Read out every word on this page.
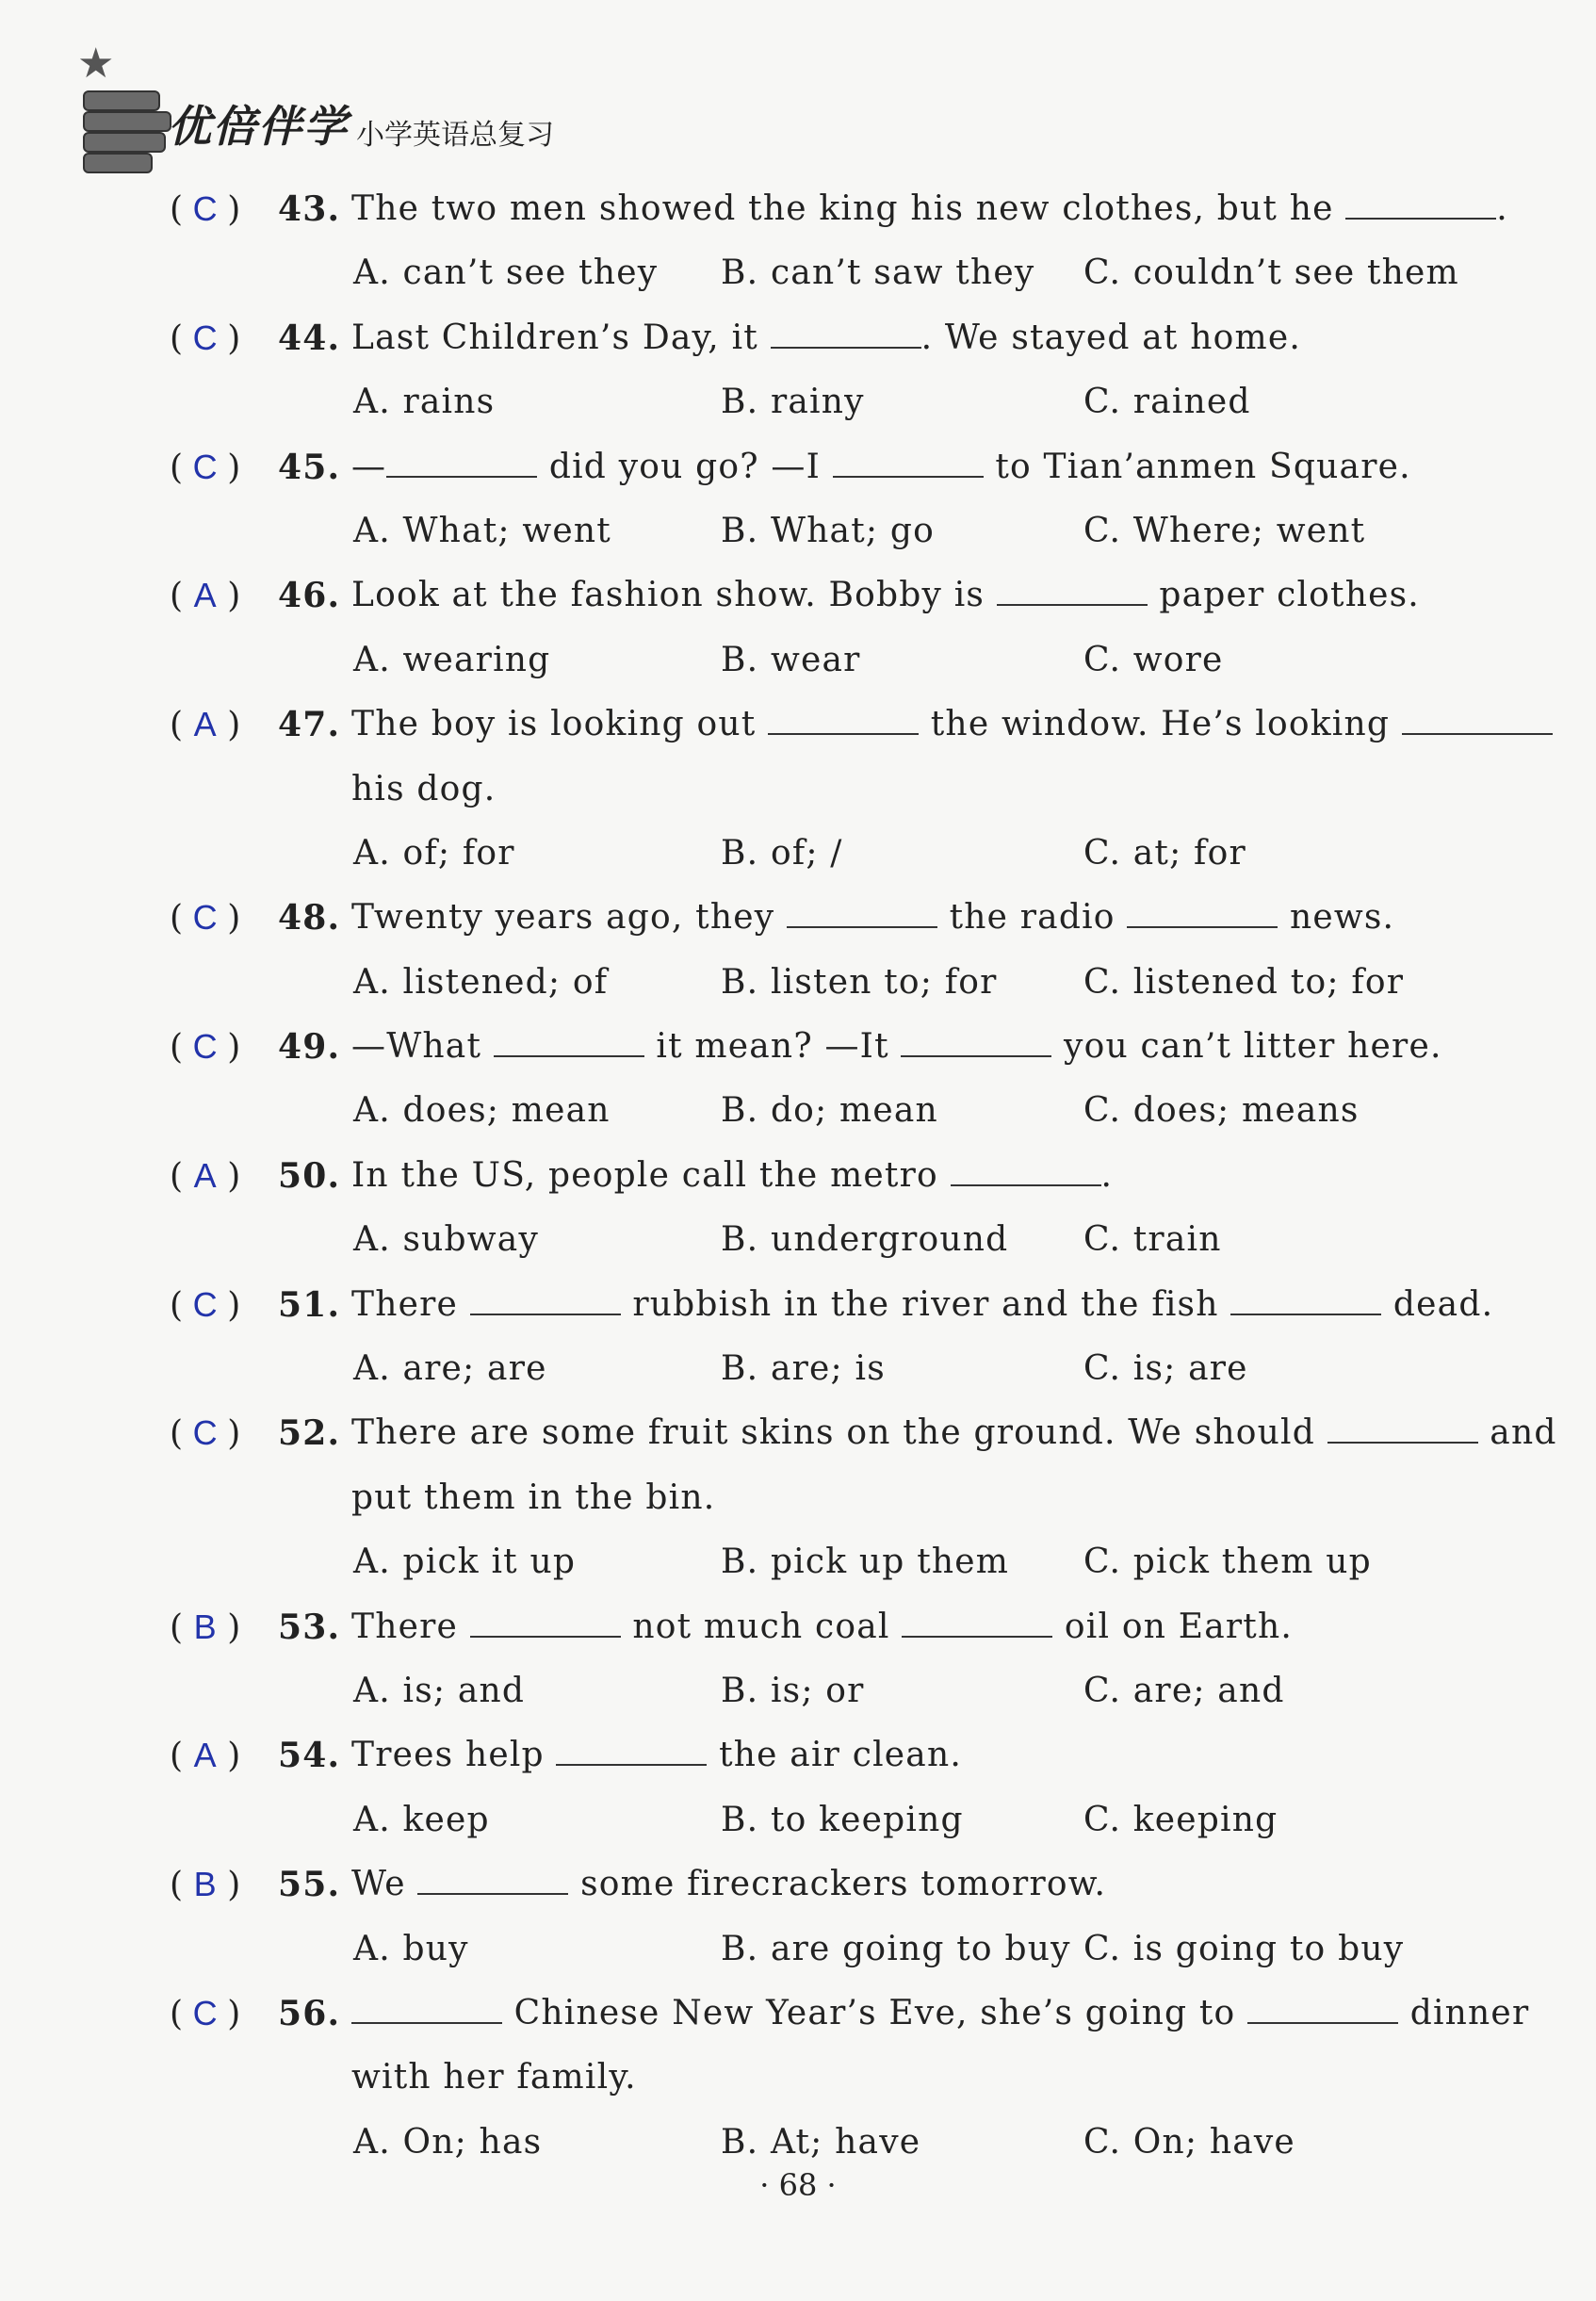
★
优倍伴学 小学英语总复习
( C ) 43. The two men showed the king his new clothes, but he	.
A. can’t see they B. can’t saw they C. couldn’t see them
( C ) 44. Last Children’s Day, it	. We stayed at home.
A. rains	B. rainy	C. rained
( C ) 45. —	did you go? —I	to Tian’anmen Square.
A. What; went	B. What; go	C. Where; went
( A ) 46. Look at the fashion show. Bobby is	paper clothes.
A. wearing	B. wear	C. wore
( A ) 47. The boy is looking out	the window. He’s looking
his dog.
A. of; for	B. of; /	C. at; for
( C ) 48. Twenty years ago, they	the radio	news.
A. listened; of	B. listen to; for	C. listened to; for
( C ) 49. —What	it mean? —It	you can’t litter here.
A. does; mean	B. do; mean	C. does; means
( A ) 50. In the US, people call the metro	.
A. subway	B. underground C. train
( C ) 51. There	rubbish in the river and the fish	dead.
A. are; are	B. are; is	C. is; are
( C ) 52. There are some fruit skins on the ground. We should	and
put them in the bin.
A. pick it up	B. pick up them C. pick them up
( B ) 53. There	not much coal	oil on Earth.
A. is; and	B. is; or	C. are; and
( A ) 54. Trees help	the air clean.
A. keep	B. to keeping	C. keeping
( B ) 55. We	some firecrackers tomorrow.
A. buy	B. are going to buy C. is going to buy
( C ) 56.	Chinese New Year’s Eve, she’s going to	dinner
with her family.
A. On; has	B. At; have	C. On; have
· 68 ·
